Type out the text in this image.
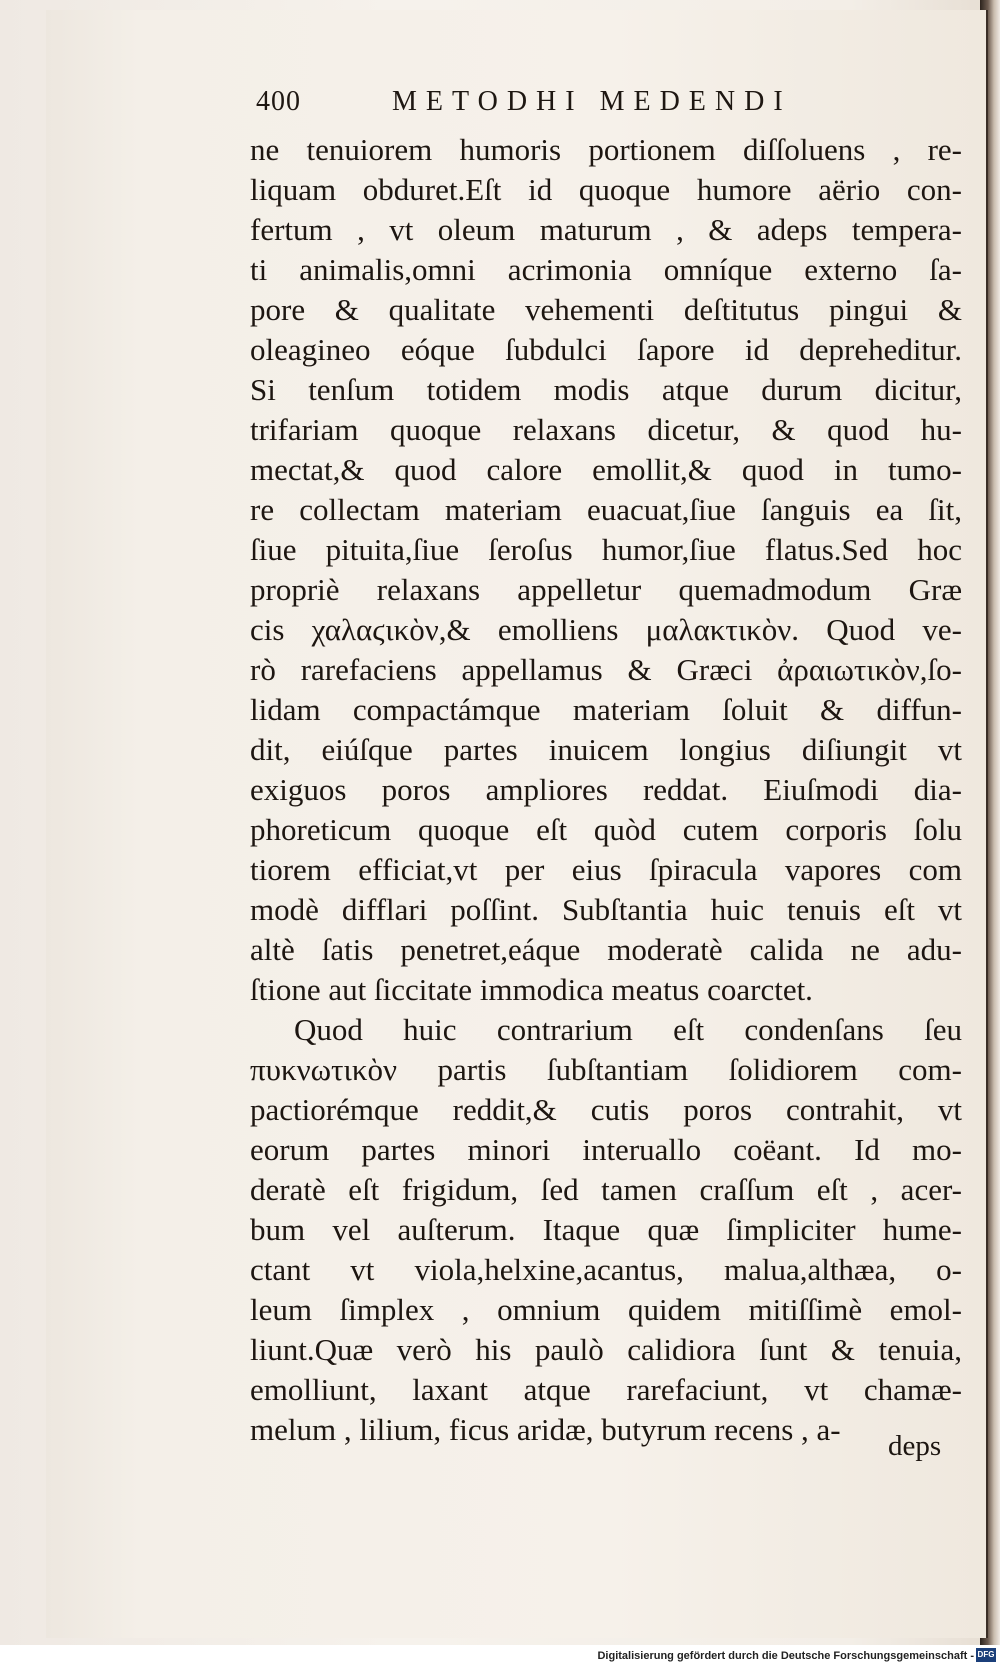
400	METODHI MEDENDI
ne tenuiorem humoris portionem diſſoluens , re-
liquam obduret.Eſt id quoque humore aërio con-
fertum , vt oleum maturum , & adeps tempera-
ti animalis,omni acrimonia omníque externo ſa-
pore & qualitate vehementi deſtitutus pingui &
oleagineo eóque ſubdulci ſapore id depreheditur.
Si tenſum totidem modis atque durum dicitur,
trifariam quoque relaxans dicetur, & quod hu-
mectat,& quod calore emollit,& quod in tumo-
re collectam materiam euacuat,ſiue ſanguis ea ſit,
ſiue pituita,ſiue ſeroſus humor,ſiue flatus.Sed hoc
propriè relaxans appelletur quemadmodum Græ
cis χαλαϛικὸν,& emolliens μαλακτικὸν. Quod ve-
rò rarefaciens appellamus & Græci ἀραιωτικὸν,ſo-
lidam compactámque materiam ſoluit & diffun-
dit, eiúſque partes inuicem longius diſiungit vt
exiguos poros ampliores reddat. Eiuſmodi dia-
phoreticum quoque eſt quòd cutem corporis ſolu
tiorem efficiat,vt per eius ſpiracula vapores com
modè difflari poſſint. Subſtantia huic tenuis eſt vt
altè ſatis penetret,eáque moderatè calida ne adu-
ſtione aut ſiccitate immodica meatus coarctet.
Quod huic contrarium eſt condenſans ſeu
πυκνωτικὸν partis ſubſtantiam ſolidiorem com-
pactiorémque reddit,& cutis poros contrahit, vt
eorum partes minori interuallo coëant. Id mo-
deratè eſt frigidum, ſed tamen craſſum eſt , acer-
bum vel auſterum. Itaque quæ ſimpliciter hume-
ctant vt viola,helxine,acantus, malua,althæa, o-
leum ſimplex , omnium quidem mitiſſimè emol-
liunt.Quæ verò his paulò calidiora ſunt & tenuia,
emolliunt, laxant atque rarefaciunt, vt chamæ-
melum , lilium, ficus aridæ, butyrum recens , a-	deps
Digitalisierung gefördert durch die Deutsche Forschungsgemeinschaft - DFG
